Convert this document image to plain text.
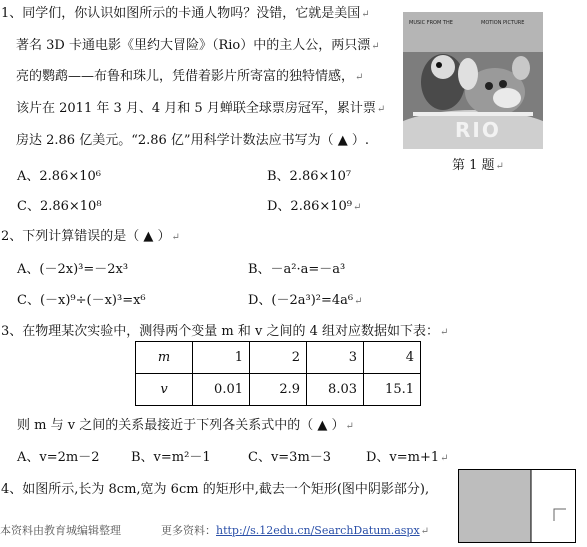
1、同学们，你认识如图所示的卡通人物吗？没错，它就是美国↵
著名 3D 卡通电影《里约大冒险》（Rio）中的主人公，两只漂↵
亮的鹦鹉——布鲁和珠儿，凭借着影片所寄富的独特情感，↵
该片在 2011 年 3 月、4 月和 5 月蝉联全球票房冠军，累计票↵
房达 2.86 亿美元。“2.86 亿”用科学计数法应书写为（ ▲ ）.
MUSIC FROM THE	MOTION PICTURE
RIO
第 1 题↵
A、2.86×10⁶	B、2.86×10⁷
C、2.86×10⁸	D、2.86×10⁹↵
2、下列计算错误的是（ ▲ ）↵
A、(－2x)³=－2x³	B、－a²·a=－a³
C、(－x)⁹÷(－x)³=x⁶	D、(－2a³)²=4a⁶↵
3、在物理某次实验中，测得两个变量 m 和 v 之间的 4 组对应数据如下表：↵
m	1	2	3	4
v	0.01	2.9	8.03	15.1
则 m 与 v 之间的关系最接近于下列各关系式中的（ ▲ ）↵
A、v=2m－2 B、v=m²－1	C、v=3m－3	D、v=m+1↵
4、如图所示,长为 8cm,宽为 6cm 的矩形中,截去一个矩形(图中阴影部分),
本资料由教育城编辑整理	更多资料：http://s.12edu.cn/SearchDatum.aspx↵
